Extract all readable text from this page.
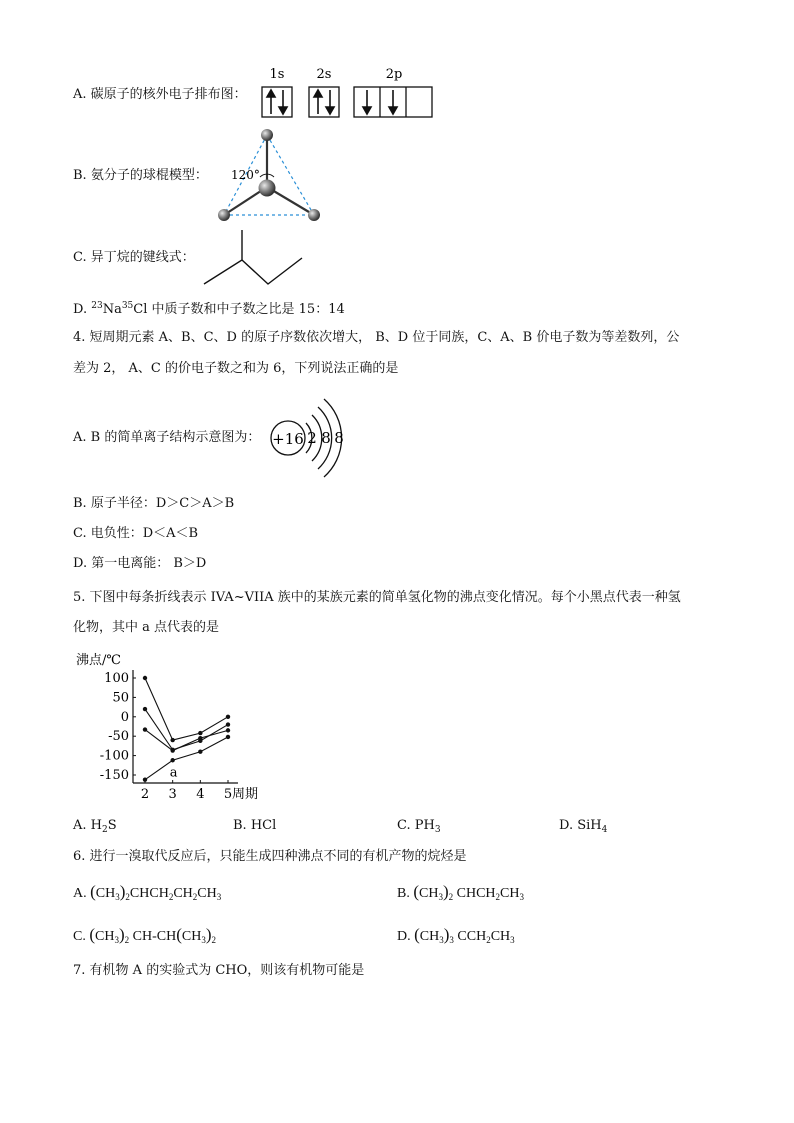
A. 碳原子的核外电子排布图：
1s 2s	2p
B. 氨分子的球棍模型： 120°
C. 异丁烷的键线式：
D. $^{23}$Na$^{35}$Cl 中质子数和中子数之比是 15：14
4. 短周期元素 A、B、C、D 的原子序数依次增大， B、D 位于同族，C、A、B 价电子数为等差数列，公
差为 2， A、C 的价电子数之和为 6，下列说法正确的是
A. B 的简单离子结构示意图为： +16 2 8 8
B. 原子半径：D＞C＞A＞B
C. 电负性：D＜A＜B
D. 第一电离能： B＞D
5. 下图中每条折线表示 IVA~VIIA 族中的某族元素的简单氢化物的沸点变化情况。每个小黑点代表一种氢
化物，其中 a 点代表的是
沸点/℃
周期
100
50
0
-50
-100
-150
2 3 4 5
a
A. $H_2S$	B. HCl	C. $PH_3$	D. SiH$_4$
6. 进行一溴取代反应后，只能生成四种沸点不同的有机产物的烷烃是
A. $(CH_3)_2CHCH_2CH_2CH_3$	B. $(CH_3)_2$ $CHCH_2CH_3$
C. $(CH_3)_2$ $CH-CH(CH_3)_2$	D. $(CH_3)_3$ $CCH_2CH_3$
7. 有机物 A 的实验式为 CHO，则该有机物可能是
